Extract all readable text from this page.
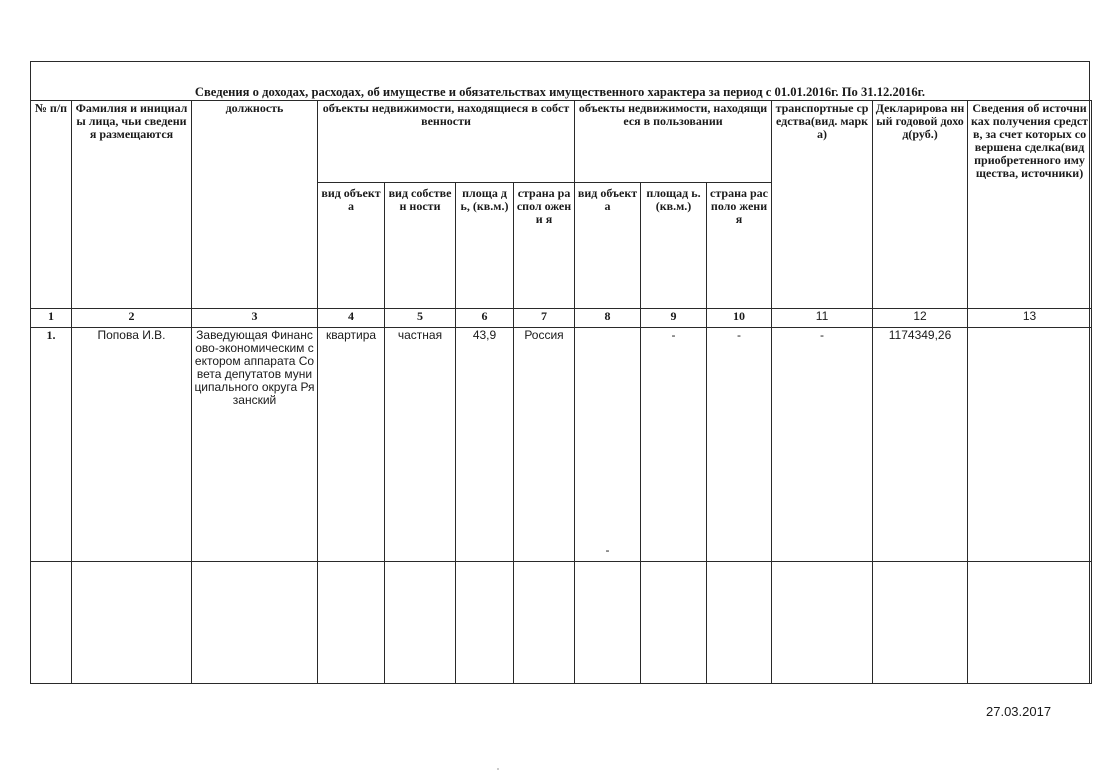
Сведения о доходах, расходах, об имуществе и обязательствах имущественного характера за период с 01.01.2016г. По 31.12.2016г.
№ п/п	Фамилия и инициалы лица, чьи сведения размещаются	должность	объекты недвижимости, находящиеся в собственности				объекты недвижимости, находящиеся в пользовании			транспортные средства(вид. марка)	Декларирова нный годовой доход(руб.)	Сведения об источниках получения средств, за счет которых совершена сделка(вид приобретенного имущества, источники)
			вид объекта	вид собствен ности	площа дь, (кв.м.)	страна распол ожени я	вид объекта	площад ь. (кв.м.)	страна располо жения			
1	2	3	4	5	6	7	8	9	10	11	12	13
1.	Попова И.В.	Заведующая Финансово-экономическим сектором аппарата Совета депутатов муниципального округа Рязанский	квартира	частная	43,9	Россия	-	-	-	-	1174349,26	

27.03.2017
